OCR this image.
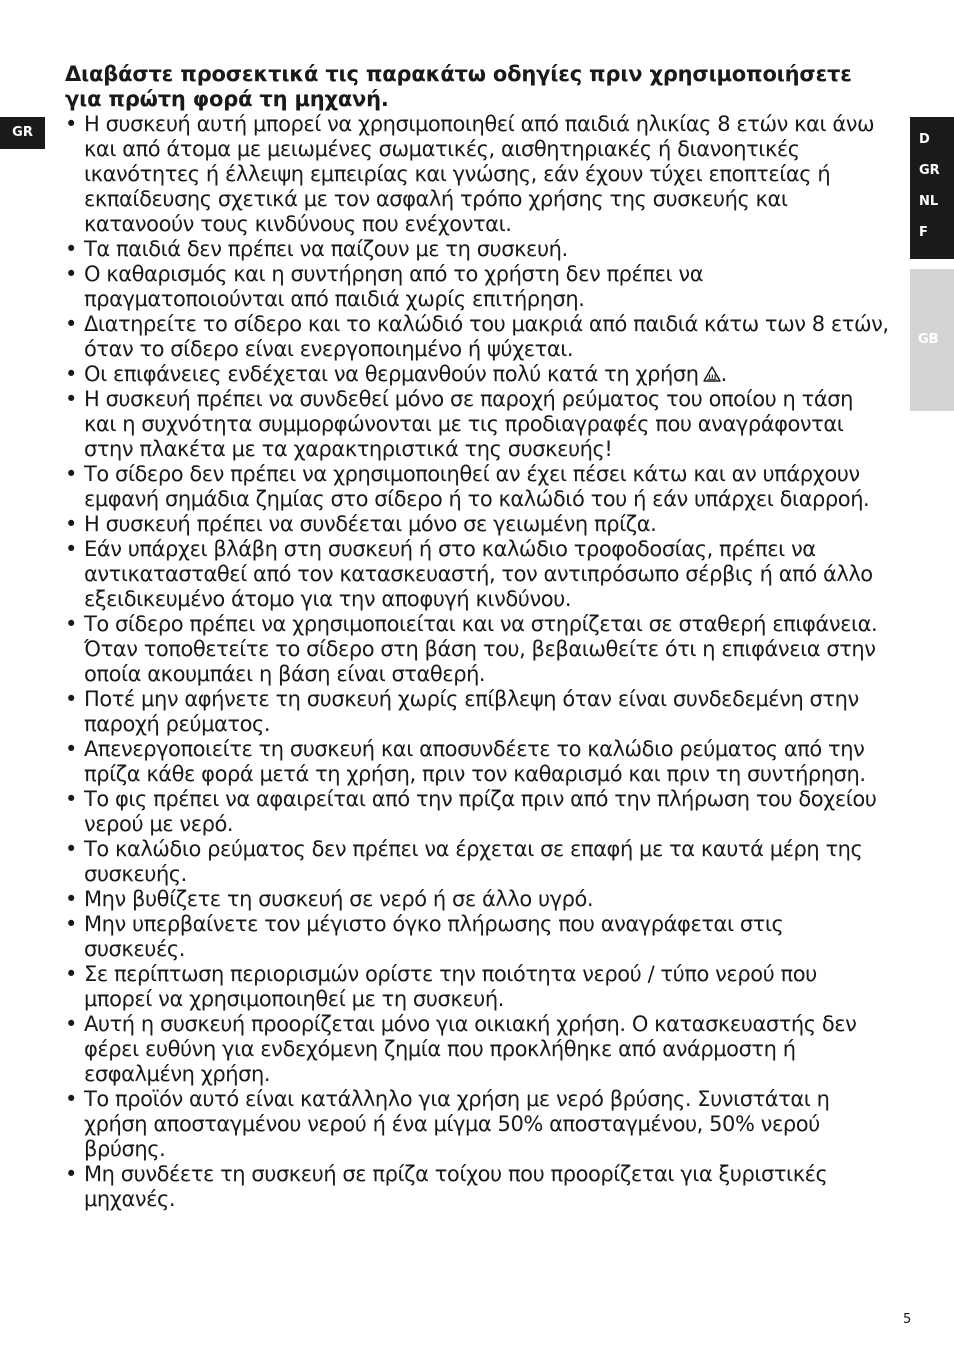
GR	D
GR
NL
F
GB
Διαβάστε προσεκτικά τις παρακάτω οδηγίες πριν χρησιμοποιήσετε για πρώτη φορά τη μηχανή.
• Η συσκευή αυτή μπορεί να χρησιμοποιηθεί από παιδιά ηλικίας 8 ετών και άνω και από άτομα με μειωμένες σωματικές, αισθητηριακές ή διανοητικές ικανότητες ή έλλειψη εμπειρίας και γνώσης, εάν έχουν τύχει εποπτείας ή εκπαίδευσης σχετικά με τον ασφαλή τρόπο χρήσης της συσκευής και κατανοούν τους κινδύνους που ενέχονται.
• Τα παιδιά δεν πρέπει να παίζουν με τη συσκευή.
• Ο καθαρισμός και η συντήρηση από το χρήστη δεν πρέπει να πραγματοποιούνται από παιδιά χωρίς επιτήρηση.
• Διατηρείτε το σίδερο και το καλώδιό του μακριά από παιδιά κάτω των 8 ετών, όταν το σίδερο είναι ενεργοποιημένο ή ψύχεται.
• Οι επιφάνειες ενδέχεται να θερμανθούν πολύ κατά τη χρήση .
• Η συσκευή πρέπει να συνδεθεί μόνο σε παροχή ρεύματος του οποίου η τάση και η συχνότητα συμμορφώνονται με τις προδιαγραφές που αναγράφονται στην πλακέτα με τα χαρακτηριστικά της συσκευής!
• Το σίδερο δεν πρέπει να χρησιμοποιηθεί αν έχει πέσει κάτω και αν υπάρχουν εμφανή σημάδια ζημίας στο σίδερο ή το καλώδιό του ή εάν υπάρχει διαρροή.
• Η συσκευή πρέπει να συνδέεται μόνο σε γειωμένη πρίζα.
• Εάν υπάρχει βλάβη στη συσκευή ή στο καλώδιο τροφοδοσίας, πρέπει να αντικατασταθεί από τον κατασκευαστή, τον αντιπρόσωπο σέρβις ή από άλλο εξειδικευμένο άτομο για την αποφυγή κινδύνου.
• Το σίδερο πρέπει να χρησιμοποιείται και να στηρίζεται σε σταθερή επιφάνεια. Όταν τοποθετείτε το σίδερο στη βάση του, βεβαιωθείτε ότι η επιφάνεια στην οποία ακουμπάει η βάση είναι σταθερή.
• Ποτέ μην αφήνετε τη συσκευή χωρίς επίβλεψη όταν είναι συνδεδεμένη στην παροχή ρεύματος.
• Απενεργοποιείτε τη συσκευή και αποσυνδέετε το καλώδιο ρεύματος από την πρίζα κάθε φορά μετά τη χρήση, πριν τον καθαρισμό και πριν τη συντήρηση.
• Το φις πρέπει να αφαιρείται από την πρίζα πριν από την πλήρωση του δοχείου νερού με νερό.
• Το καλώδιο ρεύματος δεν πρέπει να έρχεται σε επαφή με τα καυτά μέρη της συσκευής.
• Μην βυθίζετε τη συσκευή σε νερό ή σε άλλο υγρό.
• Μην υπερβαίνετε τον μέγιστο όγκο πλήρωσης που αναγράφεται στις συσκευές.
• Σε περίπτωση περιορισμών ορίστε την ποιότητα νερού / τύπο νερού που μπορεί να χρησιμοποιηθεί με τη συσκευή.
• Αυτή η συσκευή προορίζεται μόνο για οικιακή χρήση. Ο κατασκευαστής δεν φέρει ευθύνη για ενδεχόμενη ζημία που προκλήθηκε από ανάρμοστη ή εσφαλμένη χρήση.
• Το προϊόν αυτό είναι κατάλληλο για χρήση με νερό βρύσης. Συνιστάται η χρήση αποσταγμένου νερού ή ένα μίγμα 50% αποσταγμένου, 50% νερού βρύσης.
• Μη συνδέετε τη συσκευή σε πρίζα τοίχου που προορίζεται για ξυριστικές μηχανές.
5
